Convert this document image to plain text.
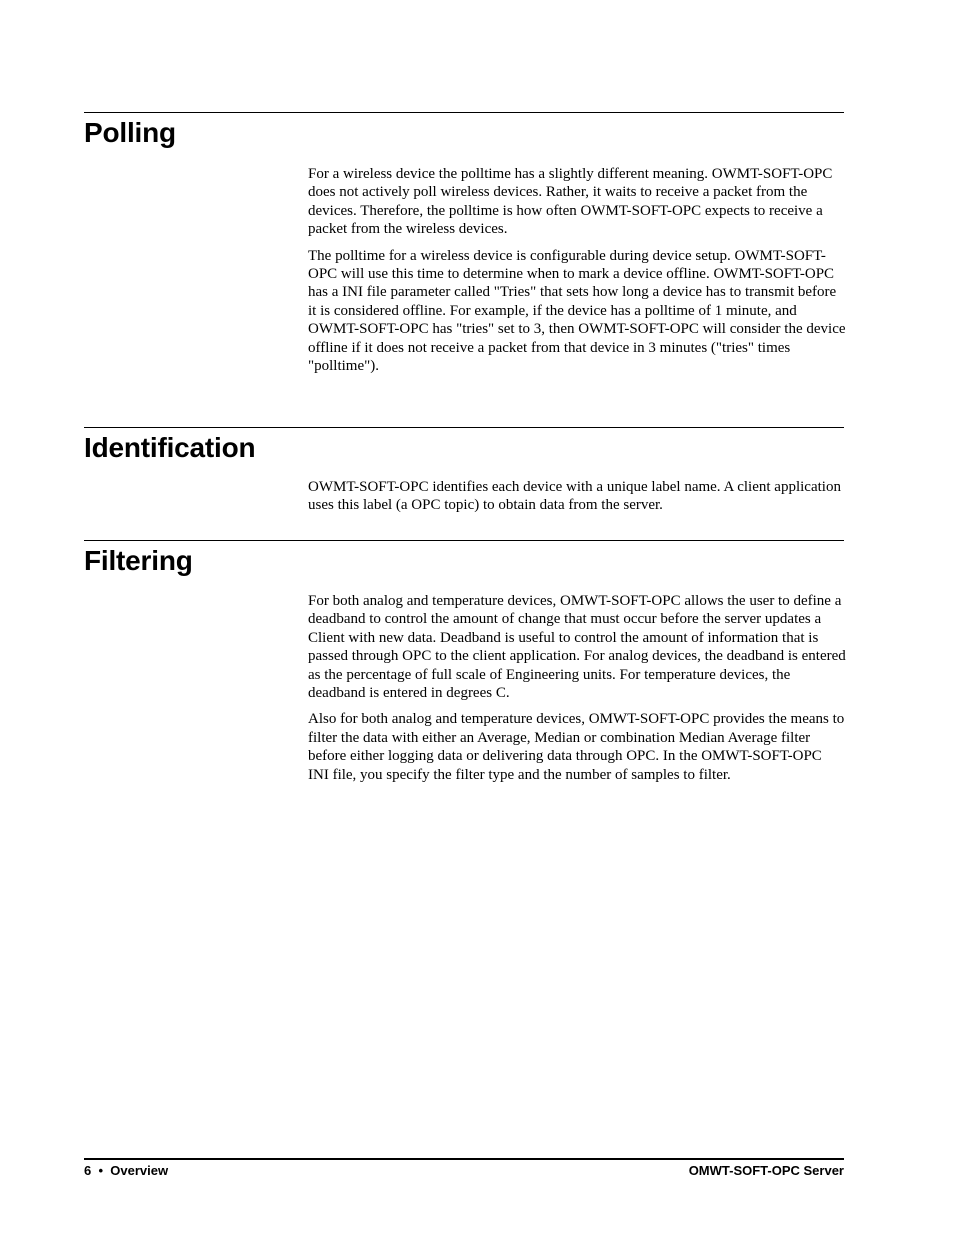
Polling

For a wireless device the polltime has a slightly different meaning. OWMT-SOFT-OPC does not actively poll wireless devices. Rather, it waits to receive a packet from the devices. Therefore, the polltime is how often OWMT-SOFT-OPC expects to receive a packet from the wireless devices.

The polltime for a wireless device is configurable during device setup. OWMT-SOFT-OPC will use this time to determine when to mark a device offline. OWMT-SOFT-OPC has a INI file parameter called "Tries" that sets how long a device has to transmit before it is considered offline. For example, if the device has a polltime of 1 minute, and OWMT-SOFT-OPC has "tries" set to 3, then OWMT-SOFT-OPC will consider the device offline if it does not receive a packet from that device in 3 minutes ("tries" times "polltime").

Identification

OWMT-SOFT-OPC identifies each device with a unique label name. A client application uses this label (a OPC topic) to obtain data from the server.

Filtering

For both analog and temperature devices, OMWT-SOFT-OPC allows the user to define a deadband to control the amount of change that must occur before the server updates a Client with new data. Deadband is useful to control the amount of information that is passed through OPC to the client application. For analog devices, the deadband is entered as the percentage of full scale of Engineering units. For temperature devices, the deadband is entered in degrees C.

Also for both analog and temperature devices, OMWT-SOFT-OPC provides the means to filter the data with either an Average, Median or combination Median Average filter before either logging data or delivering data through OPC. In the OMWT-SOFT-OPC INI file, you specify the filter type and the number of samples to filter.

6 • Overview	OMWT-SOFT-OPC Server
